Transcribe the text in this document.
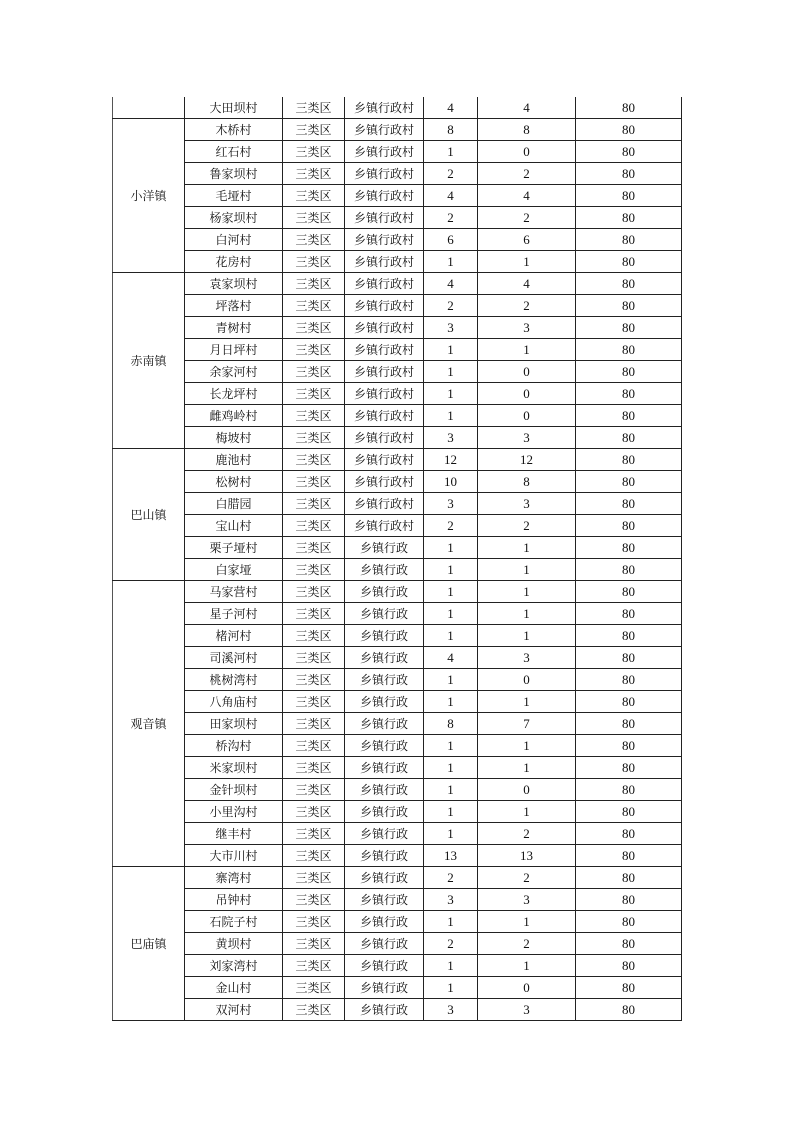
	大田坝村	三类区	乡镇行政村	4	4	80
小洋镇	木桥村	三类区	乡镇行政村	8	8	80
	红石村	三类区	乡镇行政村	1	0	80
	鲁家坝村	三类区	乡镇行政村	2	2	80
	毛垭村	三类区	乡镇行政村	4	4	80
	杨家坝村	三类区	乡镇行政村	2	2	80
	白河村	三类区	乡镇行政村	6	6	80
	花房村	三类区	乡镇行政村	1	1	80
赤南镇	袁家坝村	三类区	乡镇行政村	4	4	80
	坪落村	三类区	乡镇行政村	2	2	80
	青树村	三类区	乡镇行政村	3	3	80
	月日坪村	三类区	乡镇行政村	1	1	80
	余家河村	三类区	乡镇行政村	1	0	80
	长龙坪村	三类区	乡镇行政村	1	0	80
	雌鸡岭村	三类区	乡镇行政村	1	0	80
	梅坡村	三类区	乡镇行政村	3	3	80
巴山镇	鹿池村	三类区	乡镇行政村	12	12	80
	松树村	三类区	乡镇行政村	10	8	80
	白腊园	三类区	乡镇行政村	3	3	80
	宝山村	三类区	乡镇行政村	2	2	80
	栗子垭村	三类区	乡镇行政	1	1	80
	白家垭	三类区	乡镇行政	1	1	80
观音镇	马家营村	三类区	乡镇行政	1	1	80
	星子河村	三类区	乡镇行政	1	1	80
	楮河村	三类区	乡镇行政	1	1	80
	司溪河村	三类区	乡镇行政	4	3	80
	桃树湾村	三类区	乡镇行政	1	0	80
	八角庙村	三类区	乡镇行政	1	1	80
	田家坝村	三类区	乡镇行政	8	7	80
	桥沟村	三类区	乡镇行政	1	1	80
	米家坝村	三类区	乡镇行政	1	1	80
	金针坝村	三类区	乡镇行政	1	0	80
	小里沟村	三类区	乡镇行政	1	1	80
	继丰村	三类区	乡镇行政	1	2	80
	大市川村	三类区	乡镇行政	13	13	80
巴庙镇	寨湾村	三类区	乡镇行政	2	2	80
	吊钟村	三类区	乡镇行政	3	3	80
	石院子村	三类区	乡镇行政	1	1	80
	黄坝村	三类区	乡镇行政	2	2	80
	刘家湾村	三类区	乡镇行政	1	1	80
	金山村	三类区	乡镇行政	1	0	80
	双河村	三类区	乡镇行政	3	3	80
